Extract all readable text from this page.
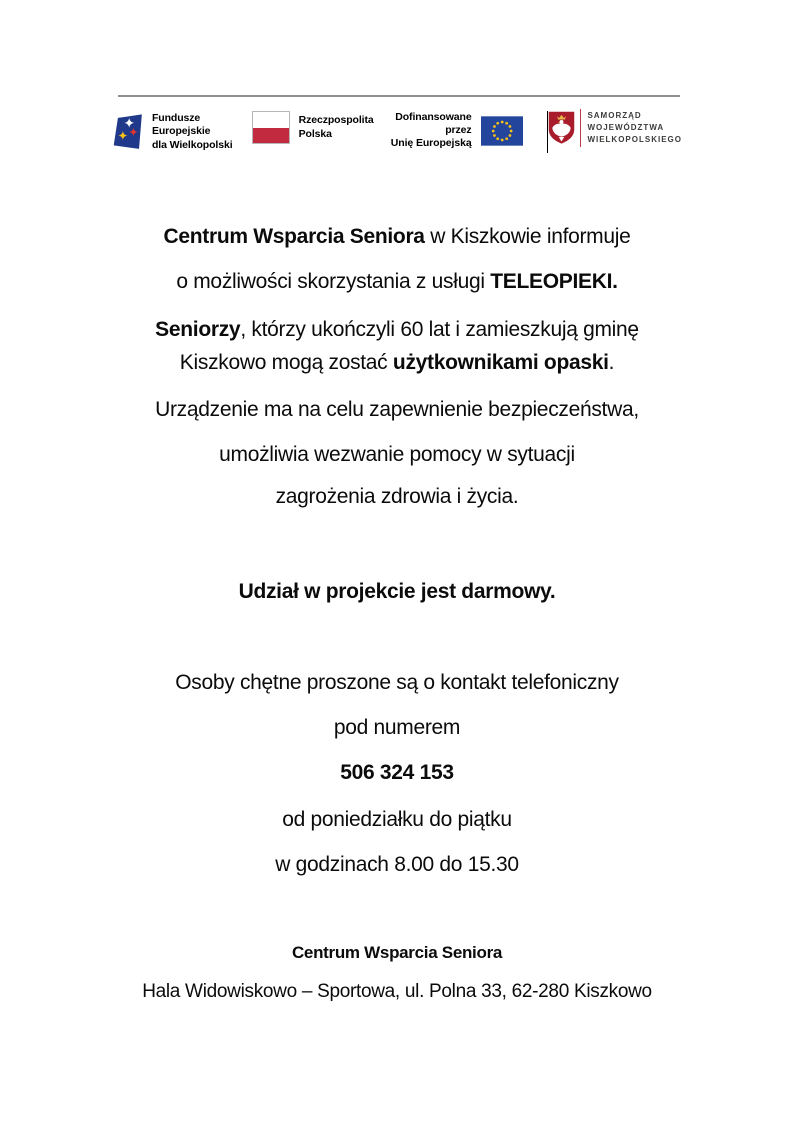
Fundusze Europejskie
dla Wielkopolski
Rzeczpospolita
Polska
Dofinansowane przez
Unię Europejską
SAMORZĄD
WOJEWÓDZTWA
WIELKOPOLSKIEGO
Centrum Wsparcia Seniora w Kiszkowie informuje
o możliwości skorzystania z usługi TELEOPIEKI.
Seniorzy, którzy ukończyli 60 lat i zamieszkują gminę
Kiszkowo mogą zostać użytkownikami opaski.
Urządzenie ma na celu zapewnienie bezpieczeństwa,
umożliwia wezwanie pomocy w sytuacji
zagrożenia zdrowia i życia.
Udział w projekcie jest darmowy.
Osoby chętne proszone są o kontakt telefoniczny
pod numerem
506 324 153
od poniedziałku do piątku
w godzinach 8.00 do 15.30
Centrum Wsparcia Seniora
Hala Widowiskowo – Sportowa, ul. Polna 33, 62-280 Kiszkowo
